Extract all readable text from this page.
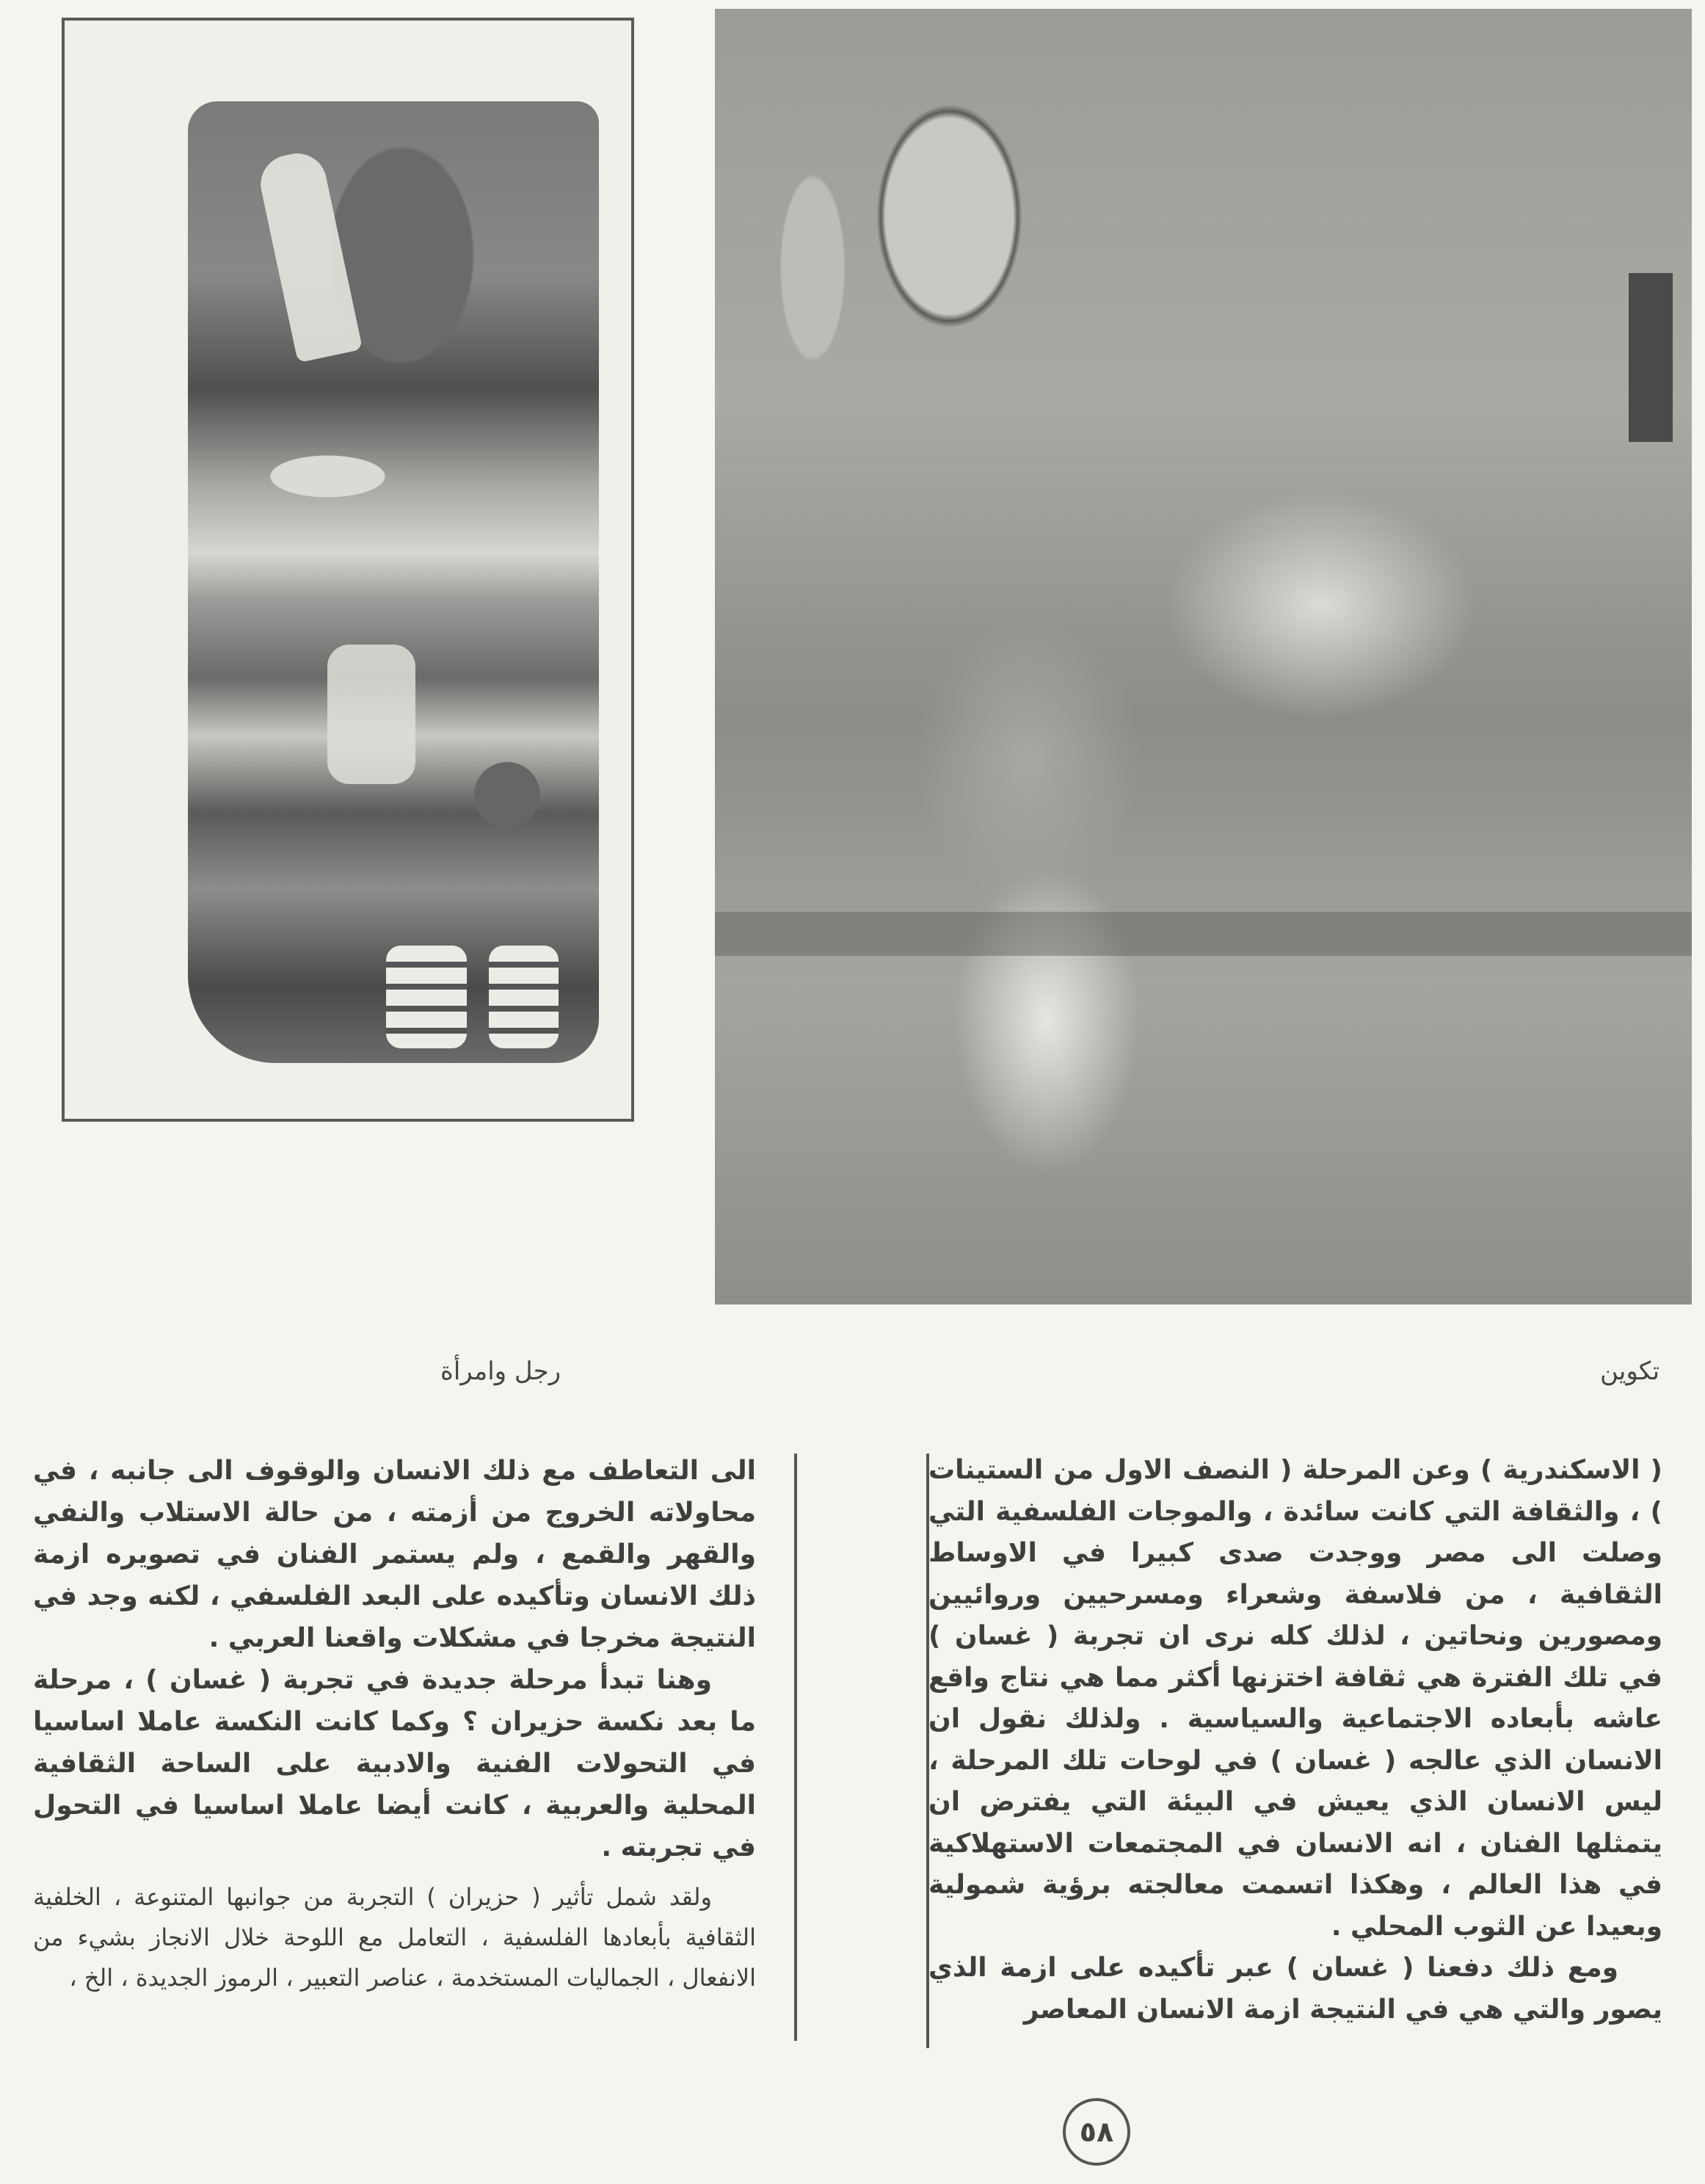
رجل وامرأة	تكوين

( الاسكندرية ) وعن المرحلة ( النصف الاول من الستينات ) ، والثقافة التي كانت سائدة ، والموجات الفلسفية التي وصلت الى مصر ووجدت صدى كبيرا في الاوساط الثقافية ، من فلاسفة وشعراء ومسرحيين وروائيين ومصورين ونحاتين ، لذلك كله نرى ان تجربة ( غسان ) في تلك الفترة هي ثقافة اختزنها أكثر مما هي نتاج واقع عاشه بأبعاده الاجتماعية والسياسية . ولذلك نقول ان الانسان الذي عالجه ( غسان ) في لوحات تلك المرحلة ، ليس الانسان الذي يعيش في البيئة التي يفترض ان يتمثلها الفنان ، انه الانسان في المجتمعات الاستهلاكية في هذا العالم ، وهكذا اتسمت معالجته برؤية شمولية وبعيدا عن الثوب المحلي .

ومع ذلك دفعنا ( غسان ) عبر تأكيده على ازمة الذي يصور والتي هي في النتيجة ازمة الانسان المعاصر

الى التعاطف مع ذلك الانسان والوقوف الى جانبه ، في محاولاته الخروج من أزمته ، من حالة الاستلاب والنفي والقهر والقمع ، ولم يستمر الفنان في تصويره ازمة ذلك الانسان وتأكيده على البعد الفلسفي ، لكنه وجد في النتيجة مخرجا في مشكلات واقعنا العربي .

وهنا تبدأ مرحلة جديدة في تجربة ( غسان ) ، مرحلة ما بعد نكسة حزيران ؟ وكما كانت النكسة عاملا اساسيا في التحولات الفنية والادبية على الساحة الثقافية المحلية والعربية ، كانت أيضا عاملا اساسيا في التحول في تجربته .

ولقد شمل تأثير ( حزيران ) التجربة من جوانبها المتنوعة ، الخلفية الثقافية بأبعادها الفلسفية ، التعامل مع اللوحة خلال الانجاز بشيء من الانفعال ، الجماليات المستخدمة ، عناصر التعبير ، الرموز الجديدة ، الخ ،

٥٨
